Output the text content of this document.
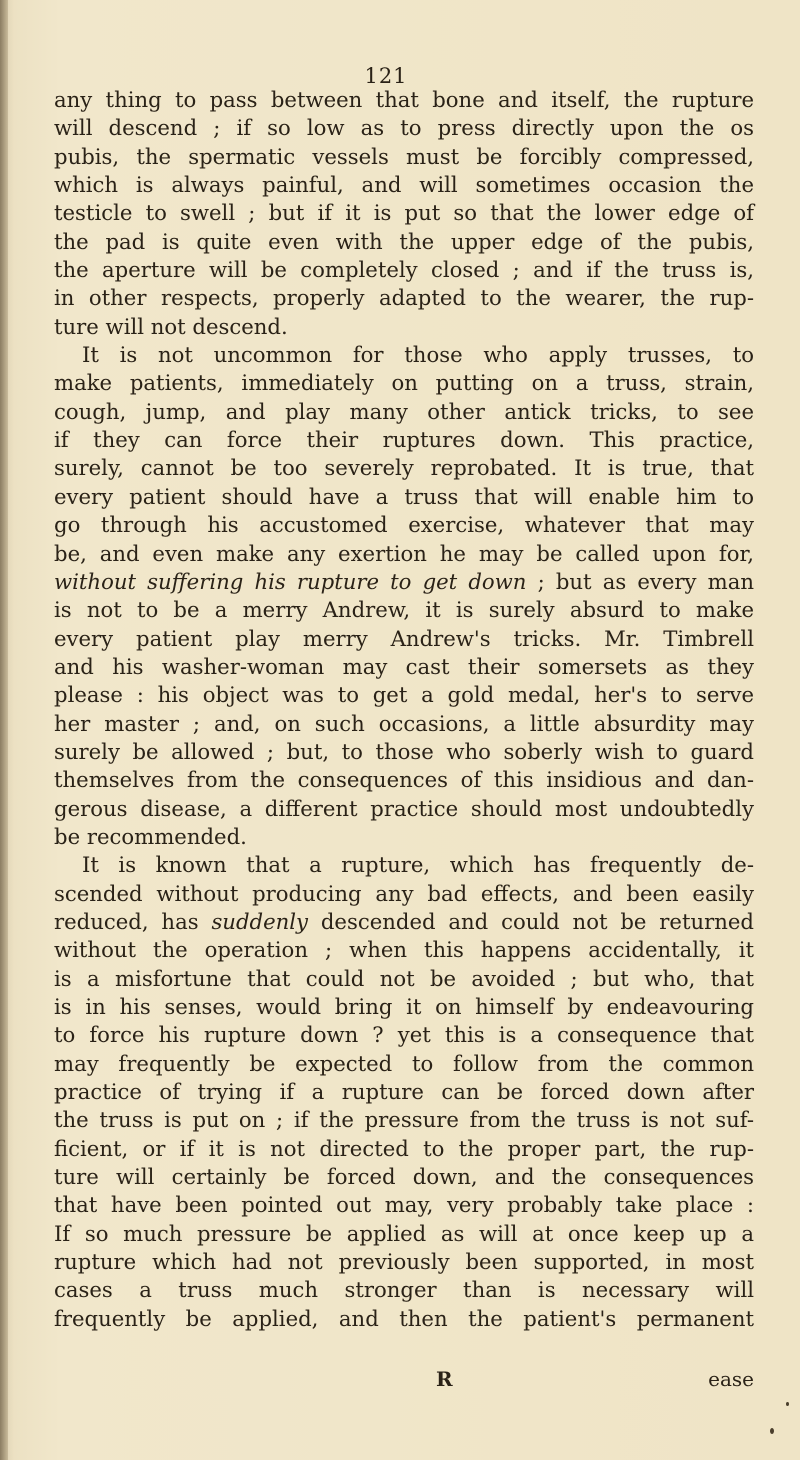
121
any thing to pass between that bone and itself, the rupture
will descend ; if so low as to press directly upon the os
pubis, the spermatic vessels must be forcibly compressed,
which is always painful, and will sometimes occasion the
testicle to swell ; but if it is put so that the lower edge of
the pad is quite even with the upper edge of the pubis,
the aperture will be completely closed ; and if the truss is,
in other respects, properly adapted to the wearer, the rup-
ture will not descend.
It is not uncommon for those who apply trusses, to
make patients, immediately on putting on a truss, strain,
cough, jump, and play many other antick tricks, to see
if they can force their ruptures down. This practice,
surely, cannot be too severely reprobated. It is true, that
every patient should have a truss that will enable him to
go through his accustomed exercise, whatever that may
be, and even make any exertion he may be called upon for,
without suffering his rupture to get down ; but as every man
is not to be a merry Andrew, it is surely absurd to make
every patient play merry Andrew's tricks. Mr. Timbrell
and his washer-woman may cast their somersets as they
please : his object was to get a gold medal, her's to serve
her master ; and, on such occasions, a little absurdity may
surely be allowed ; but, to those who soberly wish to guard
themselves from the consequences of this insidious and dan-
gerous disease, a different practice should most undoubtedly
be recommended.
It is known that a rupture, which has frequently de-
scended without producing any bad effects, and been easily
reduced, has suddenly descended and could not be returned
without the operation ; when this happens accidentally, it
is a misfortune that could not be avoided ; but who, that
is in his senses, would bring it on himself by endeavouring
to force his rupture down ? yet this is a consequence that
may frequently be expected to follow from the common
practice of trying if a rupture can be forced down after
the truss is put on ; if the pressure from the truss is not suf-
ficient, or if it is not directed to the proper part, the rup-
ture will certainly be forced down, and the consequences
that have been pointed out may, very probably take place :
If so much pressure be applied as will at once keep up a
rupture which had not previously been supported, in most
cases a truss much stronger than is necessary will
frequently be applied, and then the patient's permanent
R	ease
